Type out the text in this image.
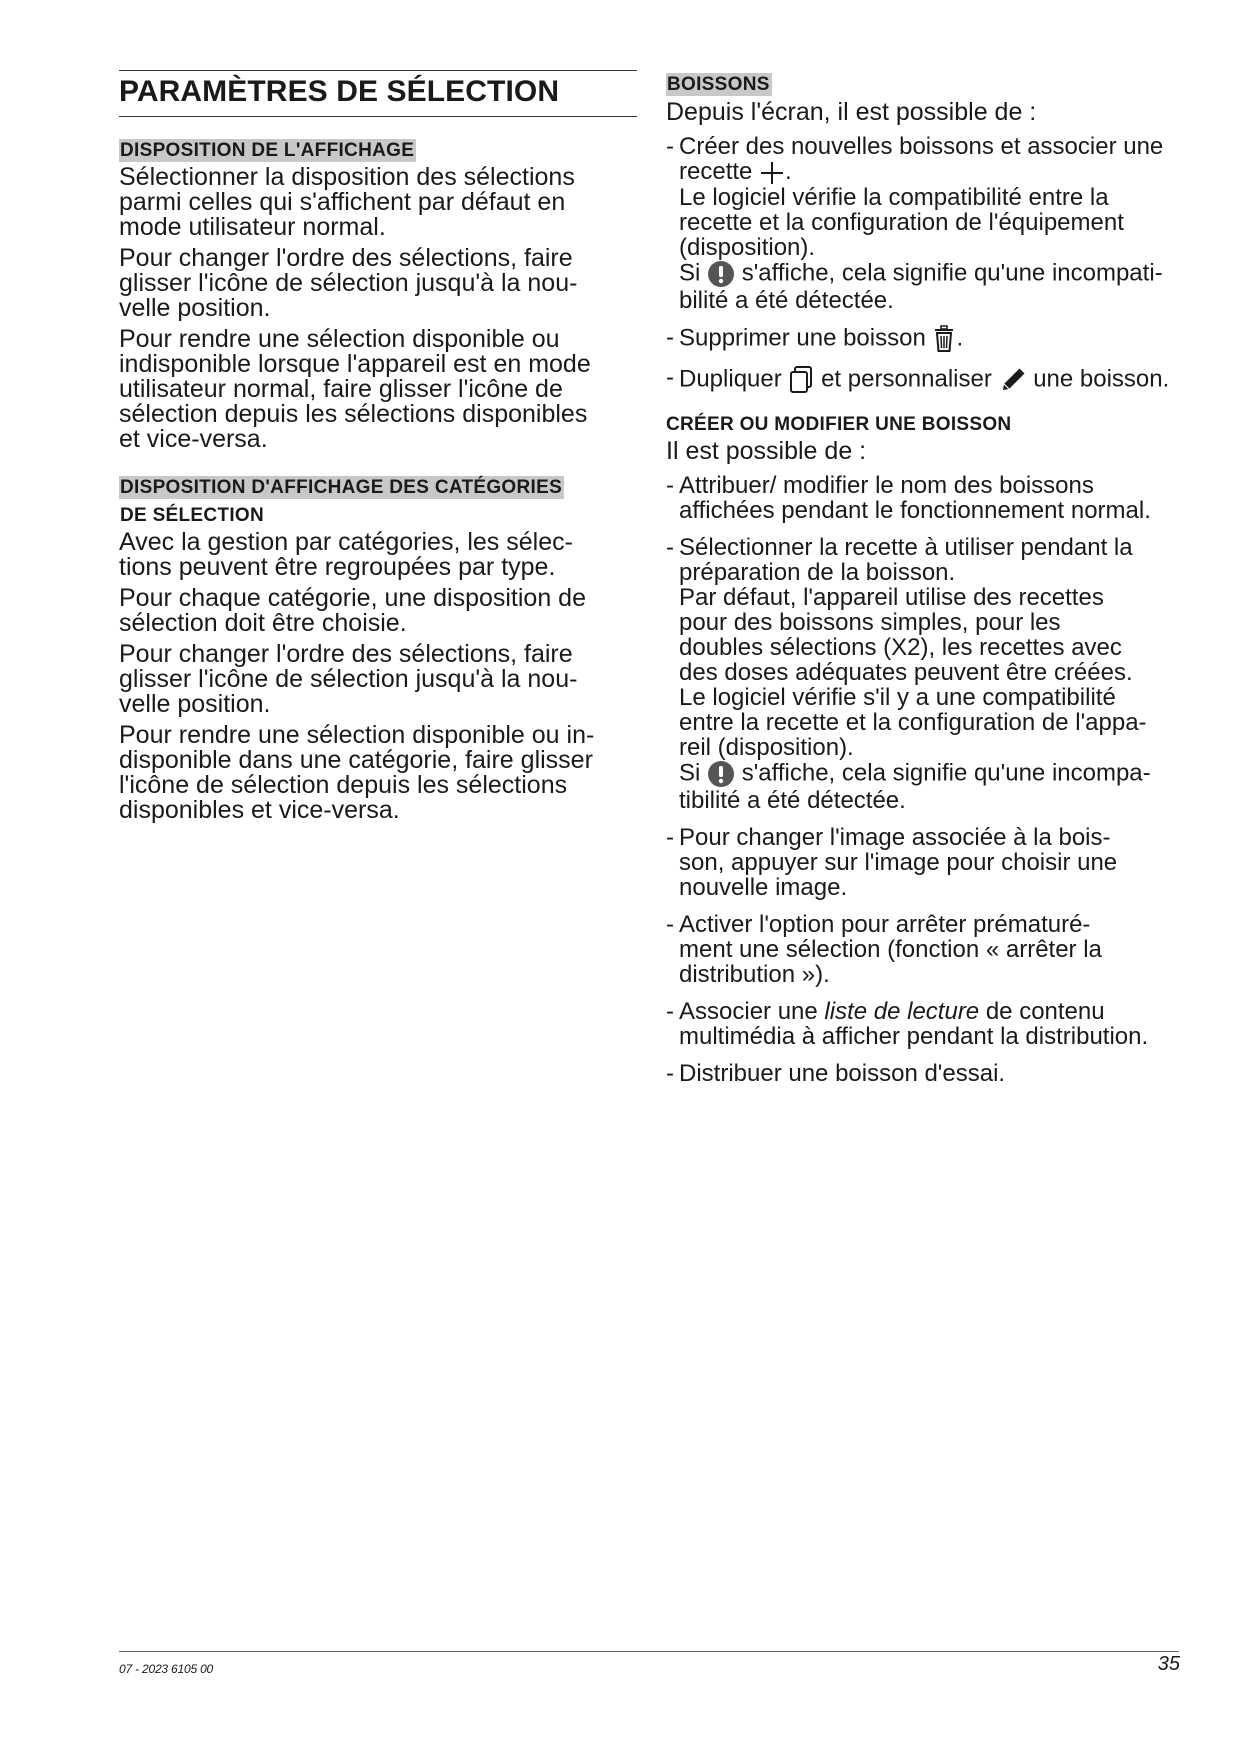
PARAMÈTRES DE SÉLECTION
DISPOSITION DE L'AFFICHAGE

Sélectionner la disposition des sélections
parmi celles qui s'affichent par défaut en
mode utilisateur normal.

Pour changer l'ordre des sélections, faire
glisser l'icône de sélection jusqu'à la nou-
velle position.

Pour rendre une sélection disponible ou
indisponible lorsque l'appareil est en mode
utilisateur normal, faire glisser l'icône de
sélection depuis les sélections disponibles
et vice-versa.

DISPOSITION D'AFFICHAGE DES CATÉGORIES
DE SÉLECTION

Avec la gestion par catégories, les sélec-
tions peuvent être regroupées par type.

Pour chaque catégorie, une disposition de
sélection doit être choisie.

Pour changer l'ordre des sélections, faire
glisser l'icône de sélection jusqu'à la nou-
velle position.

Pour rendre une sélection disponible ou in-
disponible dans une catégorie, faire glisser
l'icône de sélection depuis les sélections
disponibles et vice-versa.

BOISSONS

Depuis l'écran, il est possible de :

- Créer des nouvelles boissons et associer une
recette .
Le logiciel vérifie la compatibilité entre la
recette et la configuration de l'équipement
(disposition).
Si s'affiche, cela signifie qu'une incompati-
bilité a été détectée.
- Supprimer une boisson .
- Dupliquer et personnaliser une boisson.
CRÉER OU MODIFIER UNE BOISSON

Il est possible de :

- Attribuer/ modifier le nom des boissons
affichées pendant le fonctionnement normal.
- Sélectionner la recette à utiliser pendant la
préparation de la boisson.
Par défaut, l'appareil utilise des recettes
pour des boissons simples, pour les
doubles sélections (X2), les recettes avec
des doses adéquates peuvent être créées.
Le logiciel vérifie s'il y a une compatibilité
entre la recette et la configuration de l'appa-
reil (disposition).
Si s'affiche, cela signifie qu'une incompa-
tibilité a été détectée.
- Pour changer l'image associée à la bois-
son, appuyer sur l'image pour choisir une
nouvelle image.
- Activer l'option pour arrêter prématuré-
ment une sélection (fonction « arrêter la
distribution »).
- Associer une liste de lecture de contenu
multimédia à afficher pendant la distribution.
- Distribuer une boisson d'essai.
07 - 2023 6105 00	35
